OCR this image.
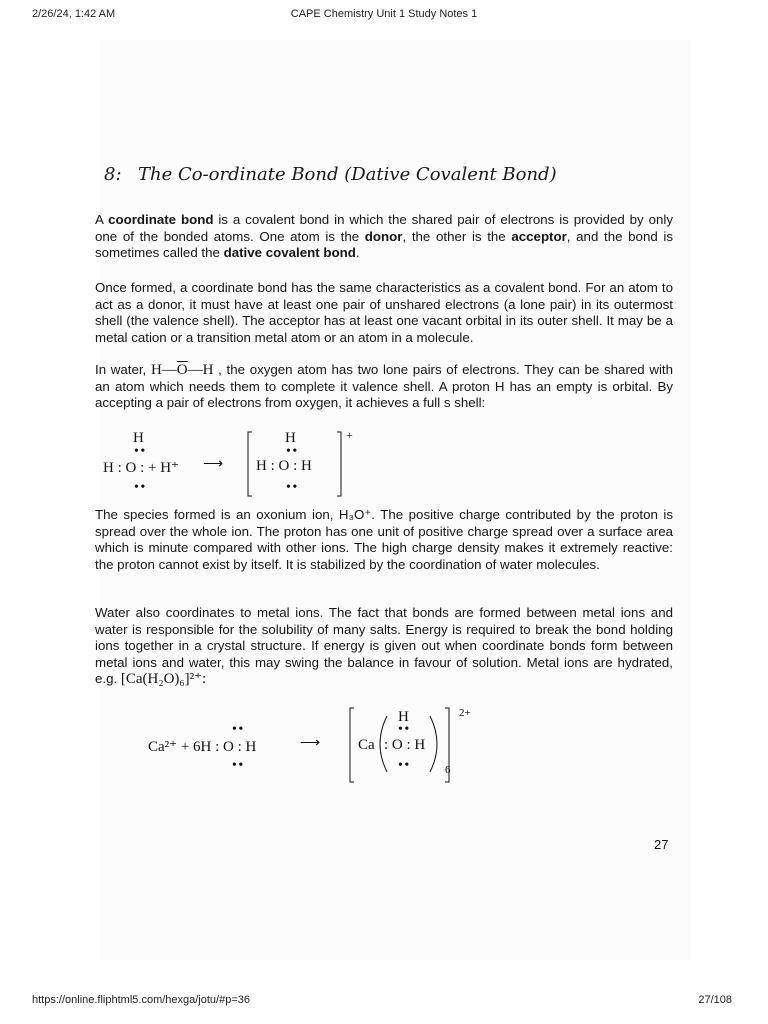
2/26/24, 1:42 AM	CAPE Chemistry Unit 1 Study Notes 1
8: The Co-ordinate Bond (Dative Covalent Bond)
A coordinate bond is a covalent bond in which the shared pair of electrons is provided by only one of the bonded atoms. One atom is the donor, the other is the acceptor, and the bond is sometimes called the dative covalent bond.
Once formed, a coordinate bond has the same characteristics as a covalent bond. For an atom to act as a donor, it must have at least one pair of unshared electrons (a lone pair) in its outermost shell (the valence shell). The acceptor has at least one vacant orbital in its outer shell. It may be a metal cation or a transition metal atom or an atom in a molecule.
In water, $H—\overline{O}—H$ , the oxygen atom has two lone pairs of electrons. They can be shared with an atom which needs them to complete it valence shell. A proton H has an empty is orbital. By accepting a pair of electrons from oxygen, it achieves a full s shell:
H
• •
H : O : + H⁺
• •
⟶
H
• •
H : O : H
• •
+
The species formed is an oxonium ion, H₃O⁺. The positive charge contributed by the proton is spread over the whole ion. The proton has one unit of positive charge spread over a surface area which is minute compared with other ions. The high charge density makes it extremely reactive: the proton cannot exist by itself. It is stabilized by the coordination of water molecules.
Water also coordinates to metal ions. The fact that bonds are formed between metal ions and water is responsible for the solubility of many salts. Energy is required to break the bond holding ions together in a crystal structure. If energy is given out when coordinate bonds form between metal ions and water, this may swing the balance in favour of solution. Metal ions are hydrated, e.g. [Ca(H₂O)₆]²⁺:
• •
Ca²⁺ + 6H : O : H
• •
⟶	Ca
H
• •
: O : H
• •	6
2+
27
https://online.fliphtml5.com/hexga/jotu/#p=36	27/108
